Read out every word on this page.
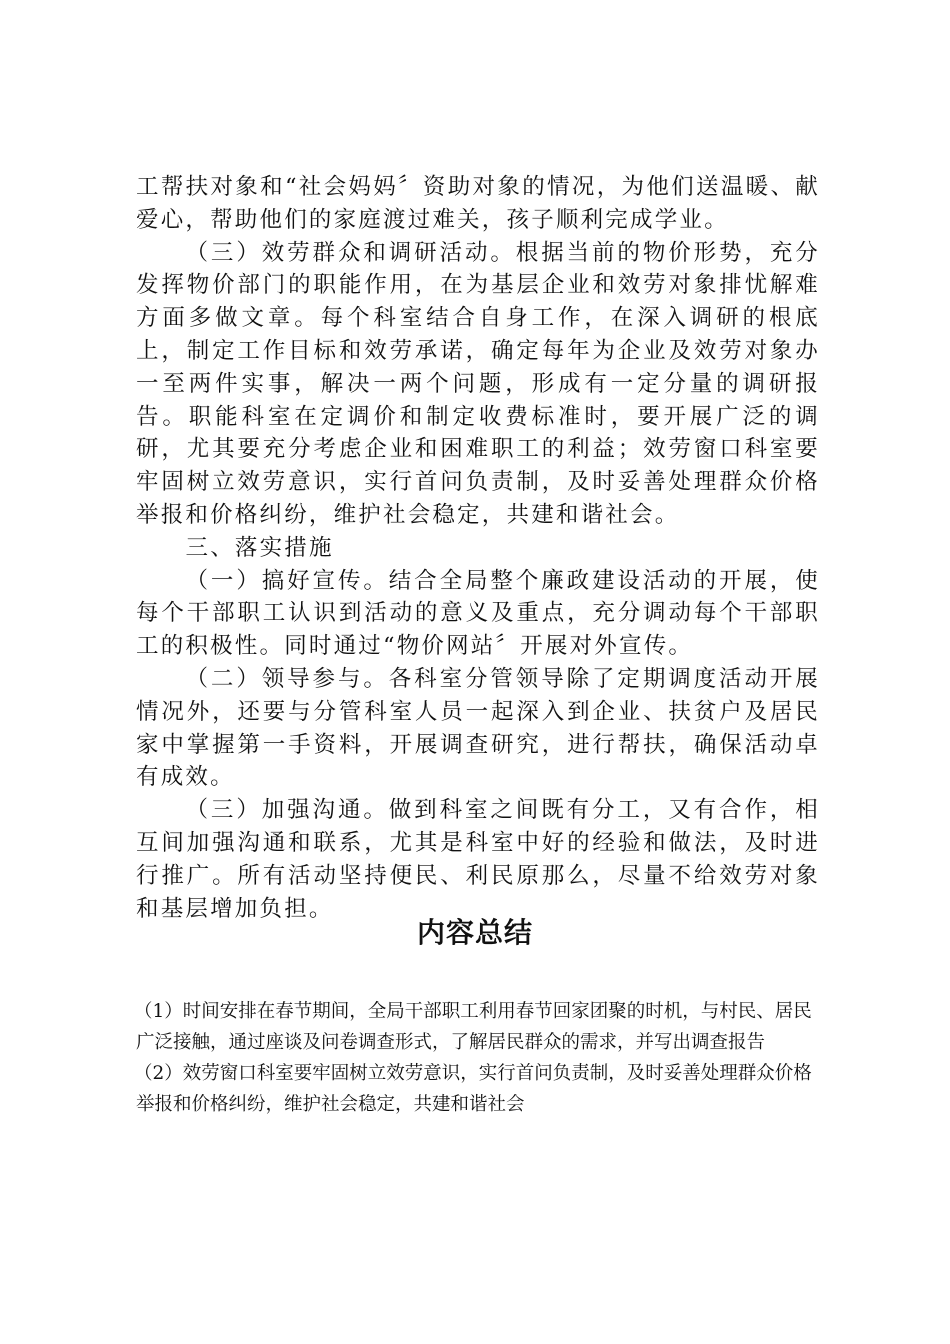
工帮扶对象和“社会妈妈〞资助对象的情况，为他们送温暖、献爱心，帮助他们的家庭渡过难关，孩子顺利完成学业。

（三）效劳群众和调研活动。根据当前的物价形势，充分发挥物价部门的职能作用，在为基层企业和效劳对象排忧解难方面多做文章。每个科室结合自身工作，在深入调研的根底上，制定工作目标和效劳承诺，确定每年为企业及效劳对象办一至两件实事，解决一两个问题，形成有一定分量的调研报告。职能科室在定调价和制定收费标准时，要开展广泛的调研，尤其要充分考虑企业和困难职工的利益；效劳窗口科室要牢固树立效劳意识，实行首问负责制，及时妥善处理群众价格举报和价格纠纷，维护社会稳定，共建和谐社会。

三、落实措施

（一）搞好宣传。结合全局整个廉政建设活动的开展，使每个干部职工认识到活动的意义及重点，充分调动每个干部职工的积极性。同时通过“物价网站〞开展对外宣传。

（二）领导参与。各科室分管领导除了定期调度活动开展情况外，还要与分管科室人员一起深入到企业、扶贫户及居民家中掌握第一手资料，开展调查研究，进行帮扶，确保活动卓有成效。

（三）加强沟通。做到科室之间既有分工，又有合作，相互间加强沟通和联系，尤其是科室中好的经验和做法，及时进行推广。所有活动坚持便民、利民原那么，尽量不给效劳对象和基层增加负担。

内容总结

（1）时间安排在春节期间，全局干部职工利用春节回家团聚的时机，与村民、居民广泛接触，通过座谈及问卷调查形式，了解居民群众的需求，并写出调查报告

（2）效劳窗口科室要牢固树立效劳意识，实行首问负责制，及时妥善处理群众价格举报和价格纠纷，维护社会稳定，共建和谐社会
